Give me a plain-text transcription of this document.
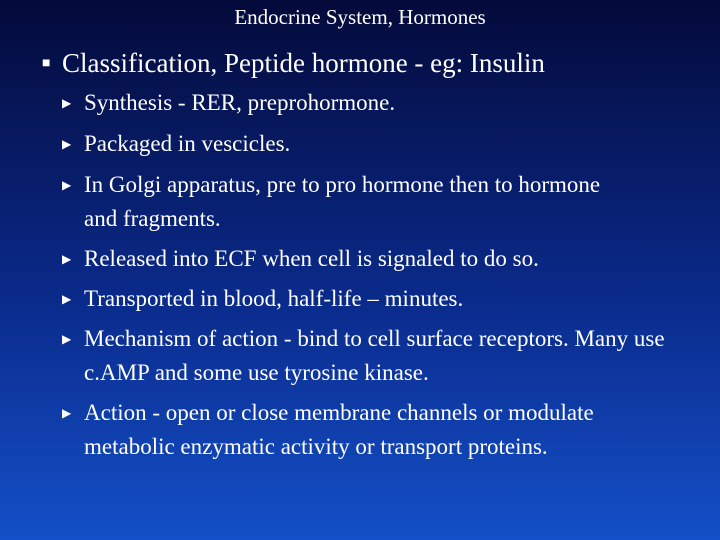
Endocrine System, Hormones
■ Classification, Peptide hormone - eg: Insulin
▶ Synthesis - RER, preprohormone.
▶ Packaged in vescicles.
▶ In Golgi apparatus, pre to pro hormone then to hormone and fragments.
▶ Released into ECF when cell is signaled to do so.
▶ Transported in blood, half-life – minutes.
▶ Mechanism of action - bind to cell surface receptors. Many use c.AMP and some use tyrosine kinase.
▶ Action - open or close membrane channels or modulate metabolic enzymatic activity or transport proteins.
